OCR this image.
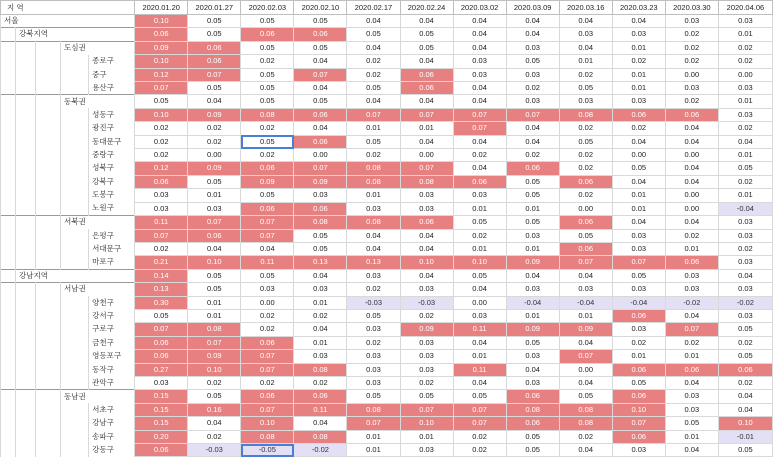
지 역					2020.01.20	2020.01.27	2020.02.03	2020.02.10	2020.02.17	2020.02.24	2020.03.02	2020.03.09	2020.03.16	2020.03.23	2020.03.30	2020.04.06
서울					0.10	0.05	0.05	0.05	0.04	0.04	0.04	0.04	0.04	0.04	0.03	0.03
	강북지역				0.06	0.05	0.06	0.06	0.05	0.05	0.04	0.04	0.03	0.03	0.02	0.01
			도심권		0.09	0.06	0.05	0.05	0.04	0.05	0.04	0.03	0.04	0.01	0.02	0.02
				종로구	0.10	0.06	0.02	0.04	0.02	0.04	0.03	0.05	0.01	0.02	0.02	0.02
				중구	0.12	0.07	0.05	0.07	0.02	0.06	0.03	0.03	0.02	0.01	0.00	0.00
				용산구	0.07	0.05	0.05	0.04	0.05	0.06	0.04	0.02	0.05	0.01	0.03	0.03
			동북권		0.05	0.04	0.05	0.05	0.04	0.04	0.04	0.03	0.03	0.03	0.02	0.01
				성동구	0.10	0.09	0.08	0.06	0.07	0.07	0.07	0.07	0.08	0.06	0.06	0.03
				광진구	0.02	0.02	0.02	0.04	0.01	0.01	0.07	0.04	0.02	0.02	0.04	0.02
				동대문구	0.02	0.02	0.05	0.06	0.05	0.04	0.04	0.04	0.05	0.04	0.04	0.04
				중랑구	0.02	0.00	0.02	0.00	0.02	0.00	0.02	0.02	0.02	0.00	0.00	0.01
				성북구	0.12	0.09	0.06	0.07	0.08	0.07	0.04	0.06	0.02	0.05	0.04	0.05
				강북구	0.06	0.05	0.09	0.09	0.08	0.08	0.06	0.05	0.06	0.04	0.04	0.02
				도봉구	0.03	0.01	0.05	0.03	0.01	0.03	0.03	0.05	0.02	0.01	0.00	0.01
				노원구	0.03	0.03	0.06	0.06	0.03	0.03	0.01	0.01	0.00	0.01	0.00	-0.04
			서북권		0.11	0.07	0.07	0.08	0.08	0.06	0.05	0.05	0.06	0.04	0.04	0.03
				은평구	0.07	0.06	0.07	0.05	0.04	0.04	0.02	0.03	0.05	0.03	0.02	0.03
				서대문구	0.02	0.04	0.04	0.05	0.04	0.04	0.01	0.01	0.06	0.03	0.01	0.02
				마포구	0.21	0.10	0.11	0.13	0.13	0.10	0.10	0.09	0.07	0.07	0.06	0.03
	강남지역				0.14	0.05	0.05	0.04	0.03	0.04	0.05	0.04	0.04	0.05	0.03	0.04
			서남권		0.13	0.05	0.03	0.03	0.02	0.03	0.04	0.03	0.03	0.03	0.03	0.03
				양천구	0.30	0.01	0.00	0.01	-0.03	-0.03	0.00	-0.04	-0.04	-0.04	-0.02	-0.02
				강서구	0.05	0.01	0.02	0.02	0.05	0.02	0.03	0.01	0.01	0.06	0.04	0.03
				구로구	0.07	0.08	0.02	0.04	0.03	0.09	0.11	0.09	0.09	0.03	0.07	0.05
				금천구	0.06	0.07	0.06	0.01	0.02	0.03	0.04	0.05	0.04	0.02	0.02	0.02
				영등포구	0.06	0.09	0.07	0.03	0.03	0.03	0.01	0.03	0.07	0.01	0.01	0.05
				동작구	0.27	0.10	0.07	0.08	0.03	0.03	0.11	0.04	0.00	0.06	0.06	0.06
				관악구	0.03	0.02	0.02	0.02	0.03	0.02	0.04	0.03	0.04	0.05	0.04	0.02
			동남권		0.15	0.05	0.06	0.06	0.05	0.05	0.05	0.06	0.05	0.06	0.03	0.04
				서초구	0.15	0.16	0.07	0.11	0.08	0.07	0.07	0.08	0.08	0.10	0.03	0.04
				강남구	0.15	0.04	0.10	0.04	0.07	0.10	0.07	0.06	0.08	0.07	0.05	0.10
				송파구	0.20	0.02	0.08	0.08	0.01	0.01	0.02	0.05	0.02	0.06	0.01	-0.01
				강동구	0.06	-0.03	-0.05	-0.02	0.01	0.03	0.02	0.05	0.04	0.03	0.04	0.05
